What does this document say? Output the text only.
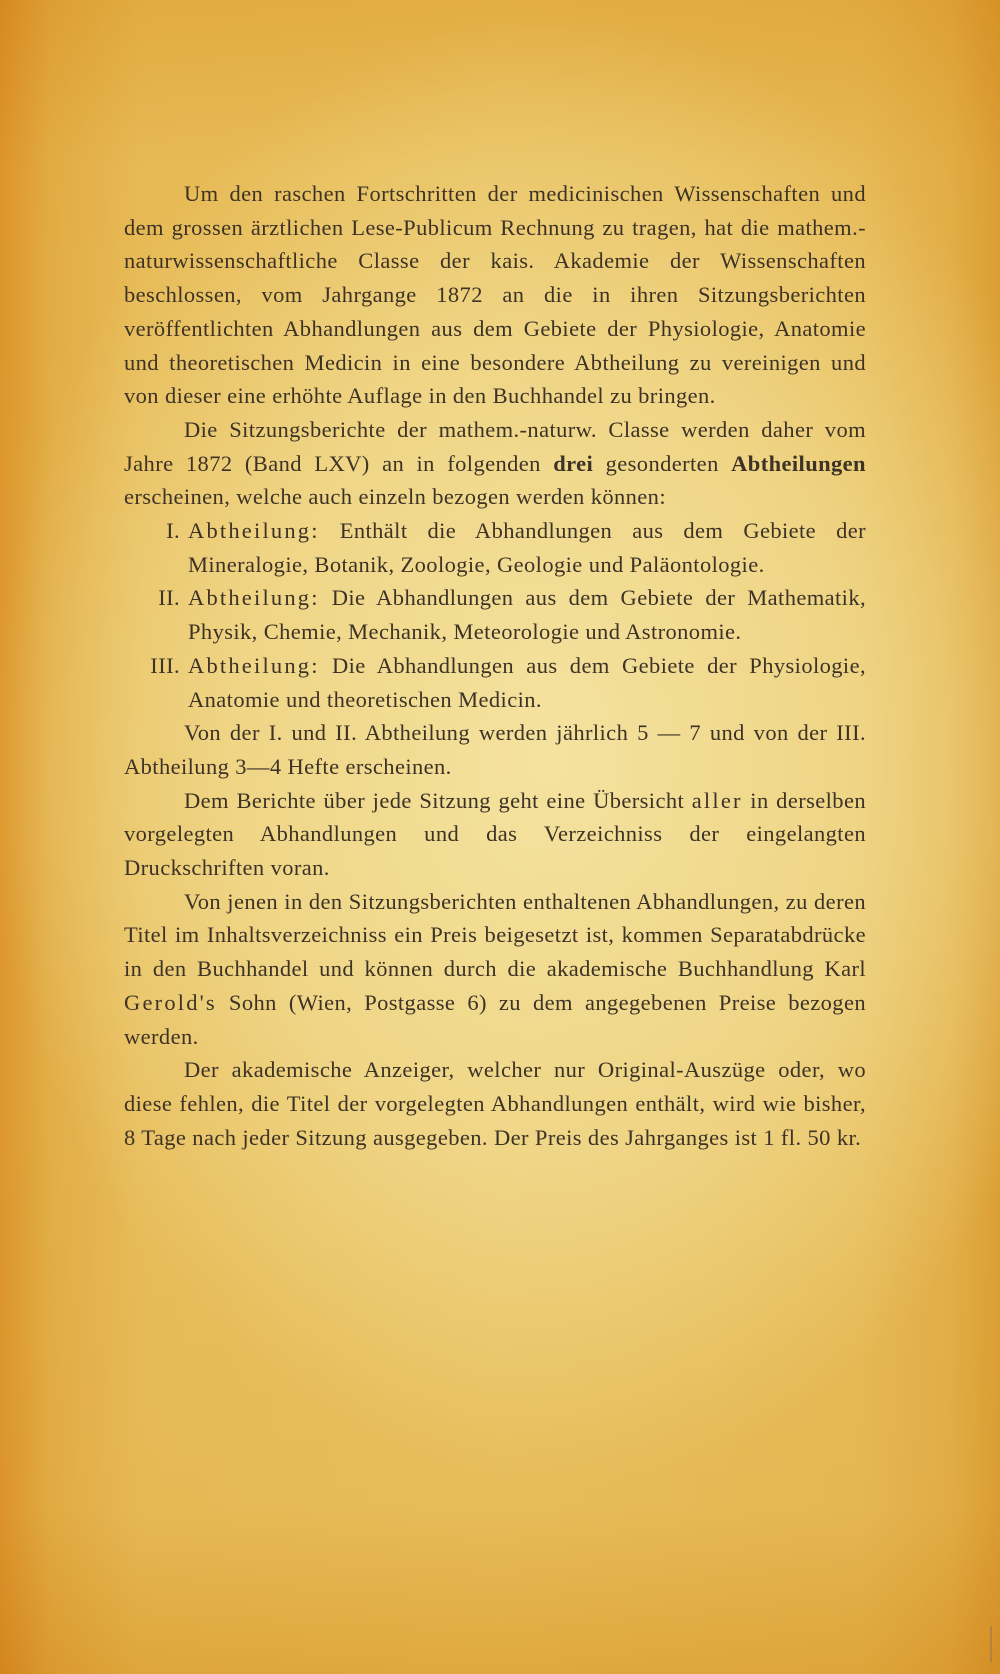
Um den raschen Fortschritten der medicinischen Wissenschaften und dem grossen ärztlichen Lese-Publicum Rechnung zu tragen, hat die mathem.-naturwissenschaftliche Classe der kais. Akademie der Wissenschaften beschlossen, vom Jahrgange 1872 an die in ihren Sitzungsberichten veröffentlichten Abhandlungen aus dem Gebiete der Physiologie, Anatomie und theoretischen Medicin in eine besondere Abtheilung zu vereinigen und von dieser eine erhöhte Auflage in den Buchhandel zu bringen.

Die Sitzungsberichte der mathem.-naturw. Classe werden daher vom Jahre 1872 (Band LXV) an in folgenden drei gesonderten Abtheilungen erscheinen, welche auch einzeln bezogen werden können:

I. Abtheilung: Enthält die Abhandlungen aus dem Gebiete der Mineralogie, Botanik, Zoologie, Geologie und Paläontologie.
II. Abtheilung: Die Abhandlungen aus dem Gebiete der Mathematik, Physik, Chemie, Mechanik, Meteorologie und Astronomie.
III. Abtheilung: Die Abhandlungen aus dem Gebiete der Physiologie, Anatomie und theoretischen Medicin.

Von der I. und II. Abtheilung werden jährlich 5 — 7 und von der III. Abtheilung 3—4 Hefte erscheinen.

Dem Berichte über jede Sitzung geht eine Übersicht aller in derselben vorgelegten Abhandlungen und das Verzeichniss der eingelangten Druckschriften voran.

Von jenen in den Sitzungsberichten enthaltenen Abhandlungen, zu deren Titel im Inhaltsverzeichniss ein Preis beigesetzt ist, kommen Separatabdrücke in den Buchhandel und können durch die akademische Buchhandlung Karl Gerold's Sohn (Wien, Postgasse 6) zu dem angegebenen Preise bezogen werden.

Der akademische Anzeiger, welcher nur Original-Auszüge oder, wo diese fehlen, die Titel der vorgelegten Abhandlungen enthält, wird wie bisher, 8 Tage nach jeder Sitzung ausgegeben. Der Preis des Jahrganges ist 1 fl. 50 kr.
